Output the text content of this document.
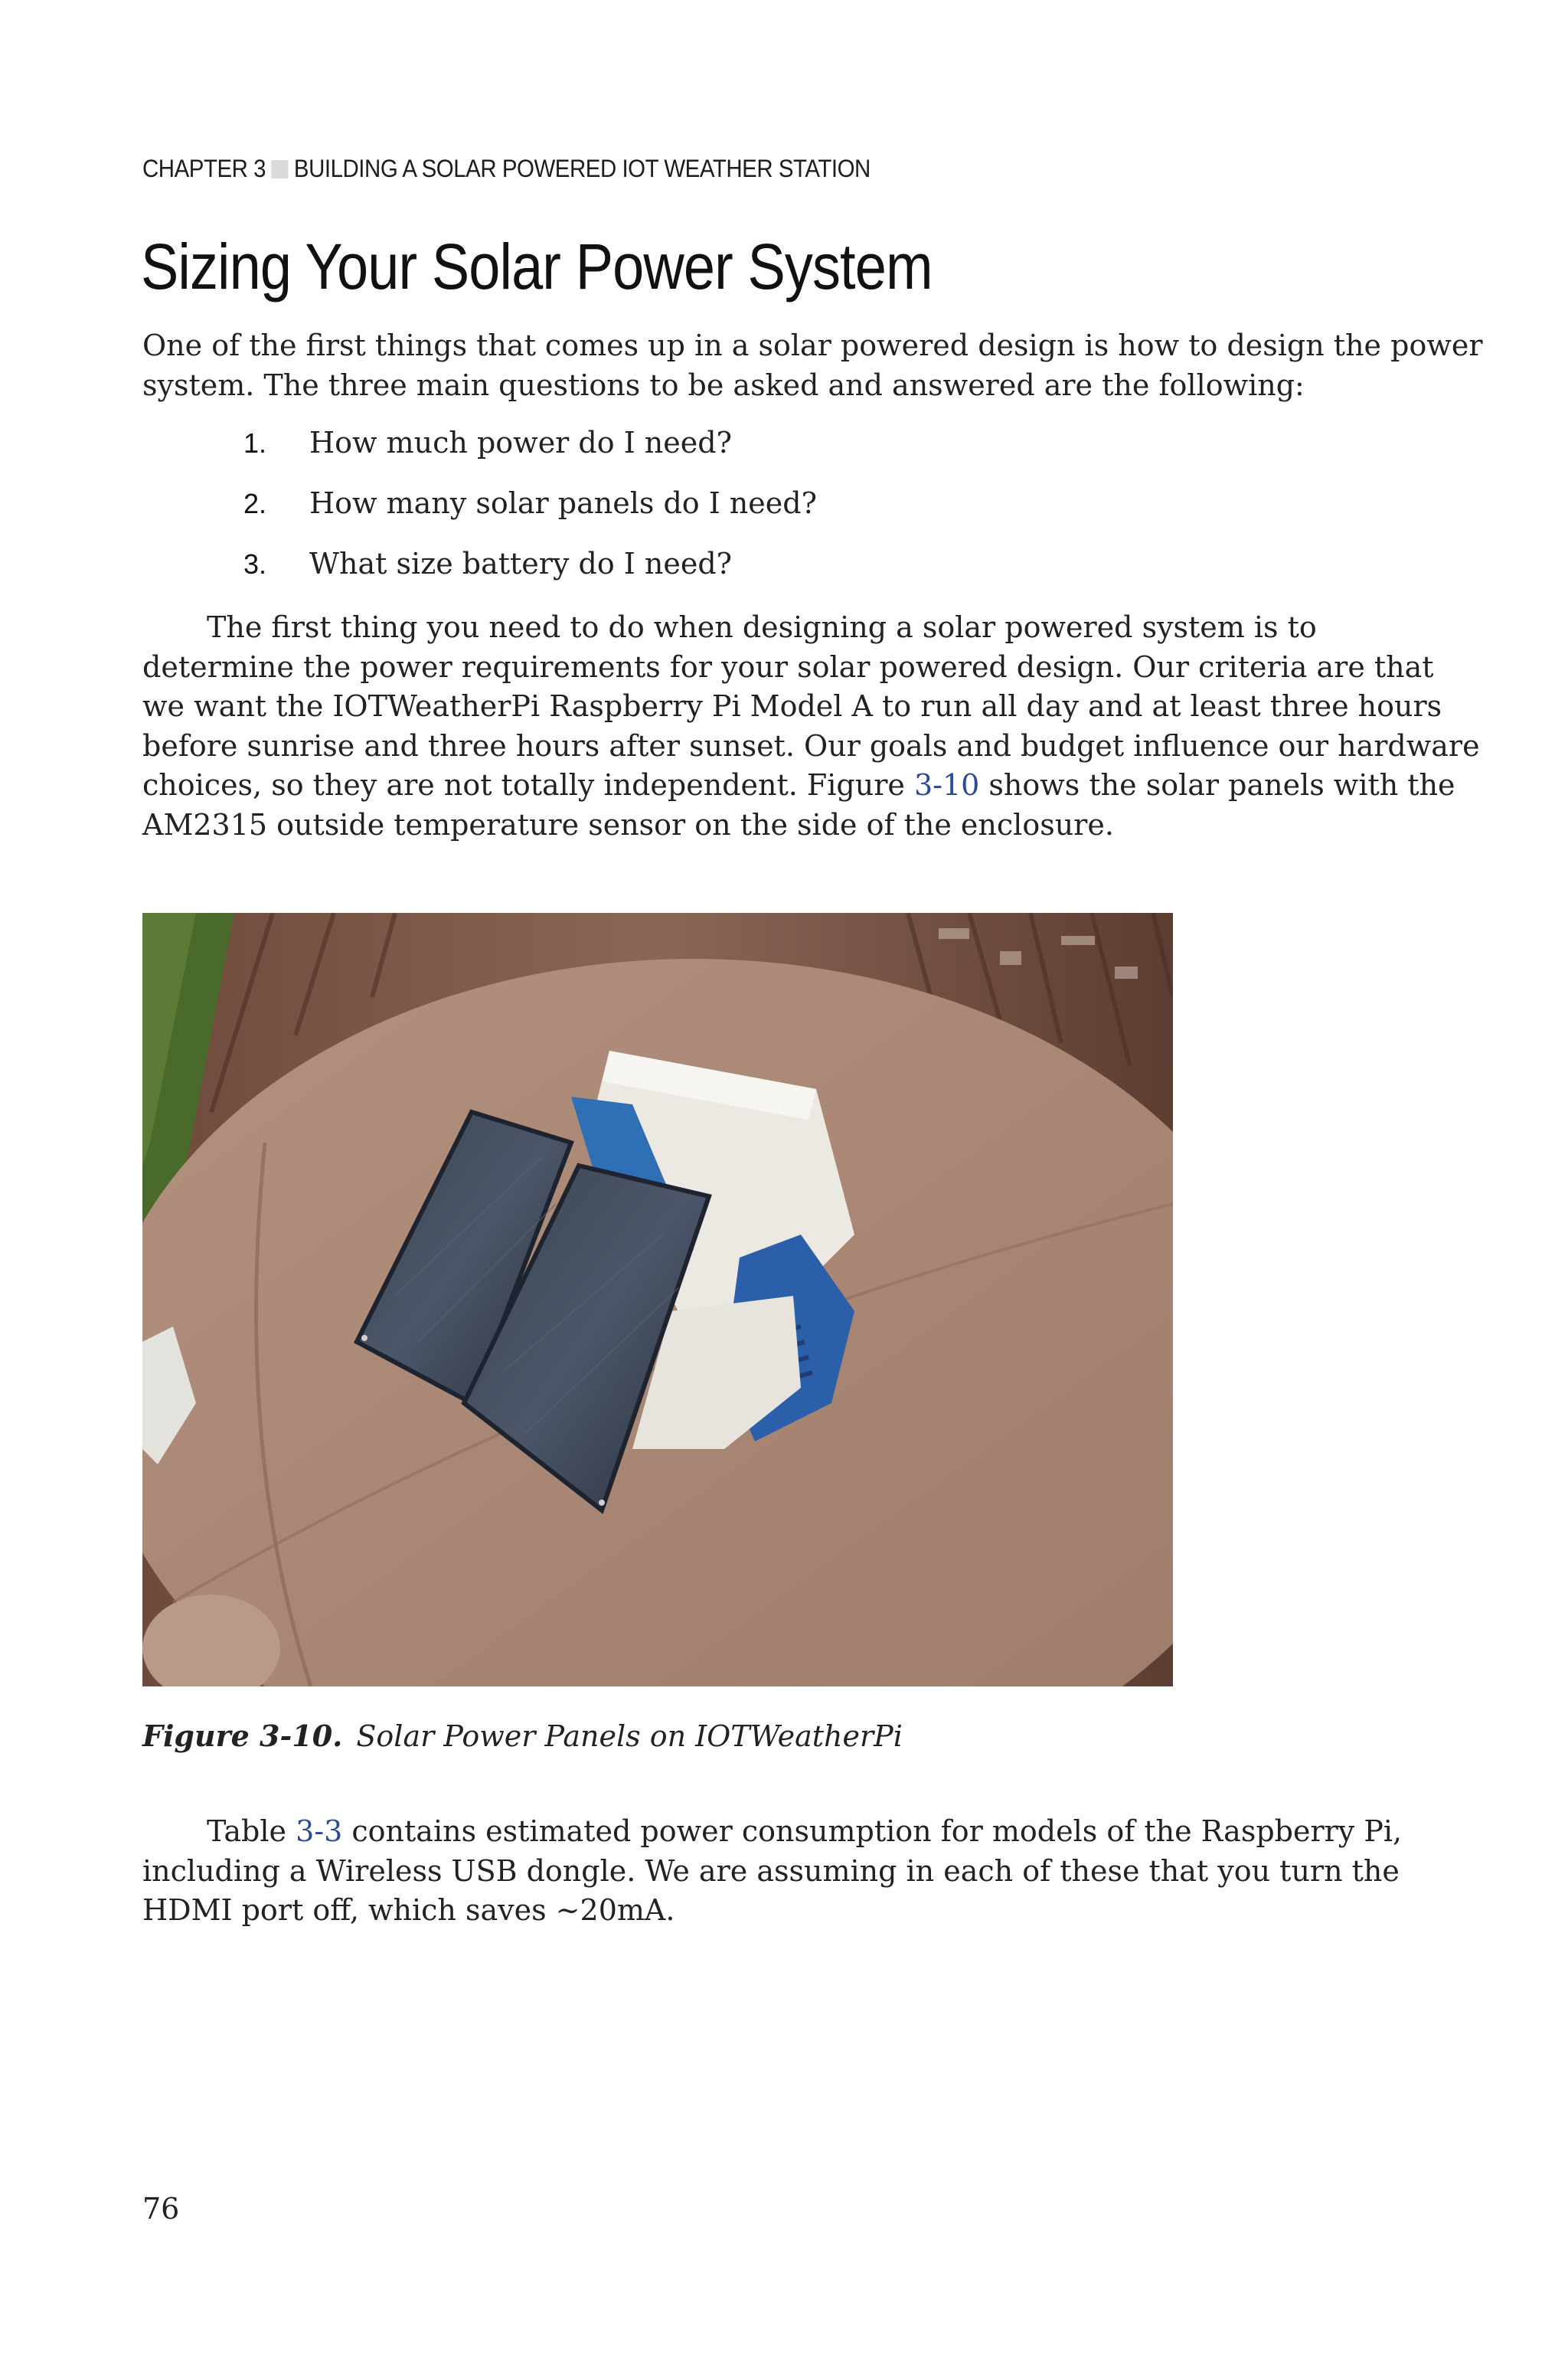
CHAPTER 3 BUILDING A SOLAR POWERED IOT WEATHER STATION
Sizing Your Solar Power System

One of the first things that comes up in a solar powered design is how to design the power
system. The three main questions to be asked and answered are the following:

1. How much power do I need?
2. How many solar panels do I need?
3. What size battery do I need?

The first thing you need to do when designing a solar powered system is to
determine the power requirements for your solar powered design. Our criteria are that
we want the IOTWeatherPi Raspberry Pi Model A to run all day and at least three hours
before sunrise and three hours after sunset. Our goals and budget influence our hardware
choices, so they are not totally independent. Figure 3-10 shows the solar panels with the
AM2315 outside temperature sensor on the side of the enclosure.

Figure 3-10. Solar Power Panels on IOTWeatherPi

Table 3-3 contains estimated power consumption for models of the Raspberry Pi,
including a Wireless USB dongle. We are assuming in each of these that you turn the
HDMI port off, which saves ~20mA.

76
